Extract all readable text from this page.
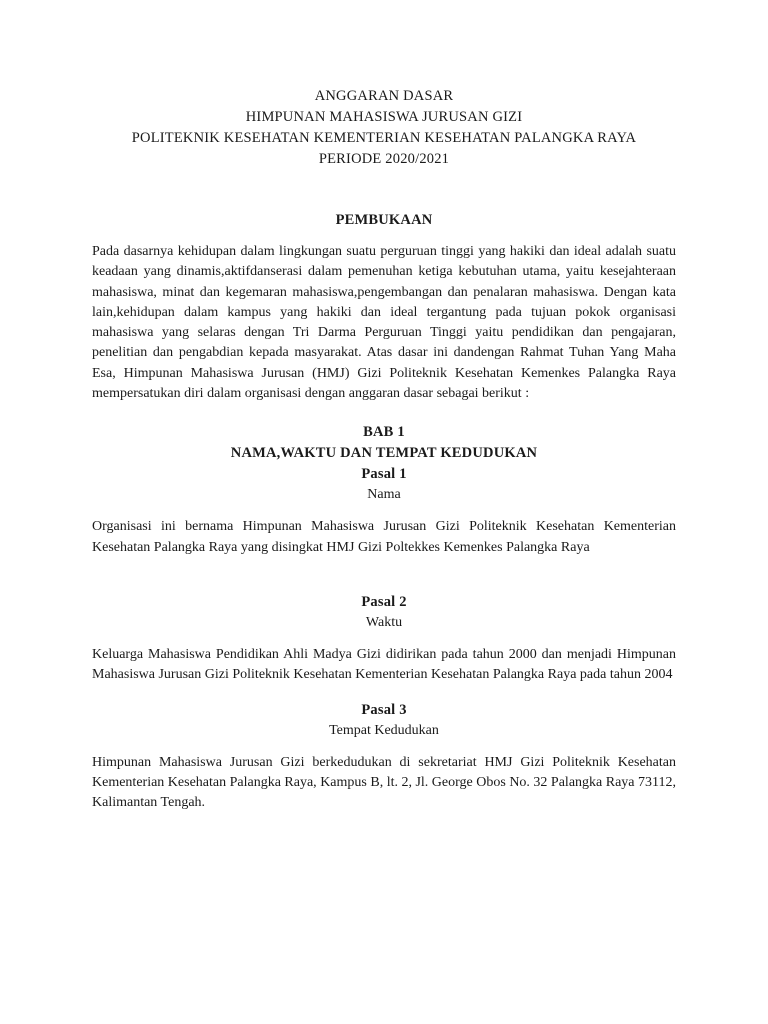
ANGGARAN DASAR
HIMPUNAN MAHASISWA JURUSAN GIZI
POLITEKNIK KESEHATAN KEMENTERIAN KESEHATAN PALANGKA RAYA
PERIODE 2020/2021
PEMBUKAAN

Pada dasarnya kehidupan dalam lingkungan suatu perguruan tinggi yang hakiki dan ideal adalah suatu keadaan yang dinamis,aktifdanserasi dalam pemenuhan ketiga kebutuhan utama, yaitu kesejahteraan mahasiswa, minat dan kegemaran mahasiswa,pengembangan dan penalaran mahasiswa. Dengan kata lain,kehidupan dalam kampus yang hakiki dan ideal tergantung pada tujuan pokok organisasi mahasiswa yang selaras dengan Tri Darma Perguruan Tinggi yaitu pendidikan dan pengajaran, penelitian dan pengabdian kepada masyarakat. Atas dasar ini dandengan Rahmat Tuhan Yang Maha Esa, Himpunan Mahasiswa Jurusan (HMJ) Gizi Politeknik Kesehatan Kemenkes Palangka Raya mempersatukan diri dalam organisasi dengan anggaran dasar sebagai berikut :

BAB 1
NAMA,WAKTU DAN TEMPAT KEDUDUKAN
Pasal 1
Nama

Organisasi ini bernama Himpunan Mahasiswa Jurusan Gizi Politeknik Kesehatan Kementerian Kesehatan Palangka Raya yang disingkat HMJ Gizi Poltekkes Kemenkes Palangka Raya

Pasal 2
Waktu

Keluarga Mahasiswa Pendidikan Ahli Madya Gizi didirikan pada tahun 2000 dan menjadi Himpunan Mahasiswa Jurusan Gizi Politeknik Kesehatan Kementerian Kesehatan Palangka Raya pada tahun 2004

Pasal 3
Tempat Kedudukan

Himpunan Mahasiswa Jurusan Gizi berkedudukan di sekretariat HMJ Gizi Politeknik Kesehatan Kementerian Kesehatan Palangka Raya, Kampus B, lt. 2, Jl. George Obos No. 32 Palangka Raya 73112, Kalimantan Tengah.
